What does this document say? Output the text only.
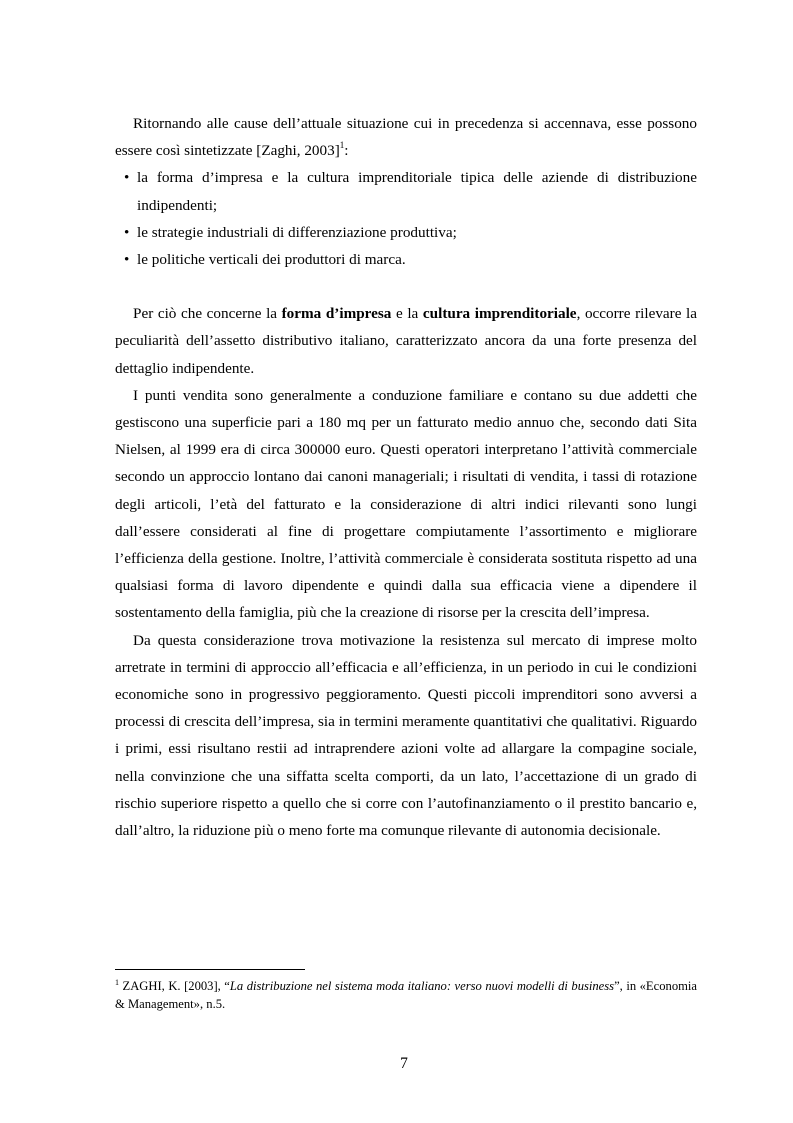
Ritornando alle cause dell’attuale situazione cui in precedenza si accennava, esse possono essere così sintetizzate [Zaghi, 2003]$^1$:

• la forma d’impresa e la cultura imprenditoriale tipica delle aziende di distribuzione indipendenti;
• le strategie industriali di differenziazione produttiva;
• le politiche verticali dei produttori di marca.

Per ciò che concerne la forma d’impresa e la cultura imprenditoriale, occorre rilevare la peculiarità dell’assetto distributivo italiano, caratterizzato ancora da una forte presenza del dettaglio indipendente.

I punti vendita sono generalmente a conduzione familiare e contano su due addetti che gestiscono una superficie pari a 180 mq per un fatturato medio annuo che, secondo dati Sita Nielsen, al 1999 era di circa 300000 euro. Questi operatori interpretano l’attività commerciale secondo un approccio lontano dai canoni manageriali; i risultati di vendita, i tassi di rotazione degli articoli, l’età del fatturato e la considerazione di altri indici rilevanti sono lungi dall’essere considerati al fine di progettare compiutamente l’assortimento e migliorare l’efficienza della gestione. Inoltre, l’attività commerciale è considerata sostituta rispetto ad una qualsiasi forma di lavoro dipendente e quindi dalla sua efficacia viene a dipendere il sostentamento della famiglia, più che la creazione di risorse per la crescita dell’impresa.

Da questa considerazione trova motivazione la resistenza sul mercato di imprese molto arretrate in termini di approccio all’efficacia e all’efficienza, in un periodo in cui le condizioni economiche sono in progressivo peggioramento. Questi piccoli imprenditori sono avversi a processi di crescita dell’impresa, sia in termini meramente quantitativi che qualitativi. Riguardo i primi, essi risultano restii ad intraprendere azioni volte ad allargare la compagine sociale, nella convinzione che una siffatta scelta comporti, da un lato, l’accettazione di un grado di rischio superiore rispetto a quello che si corre con l’autofinanziamento o il prestito bancario e, dall’altro, la riduzione più o meno forte ma comunque rilevante di autonomia decisionale.

$^1$ ZAGHI, K. [2003], “La distribuzione nel sistema moda italiano: verso nuovi modelli di business”, in «Economia & Management», n.5.
7
